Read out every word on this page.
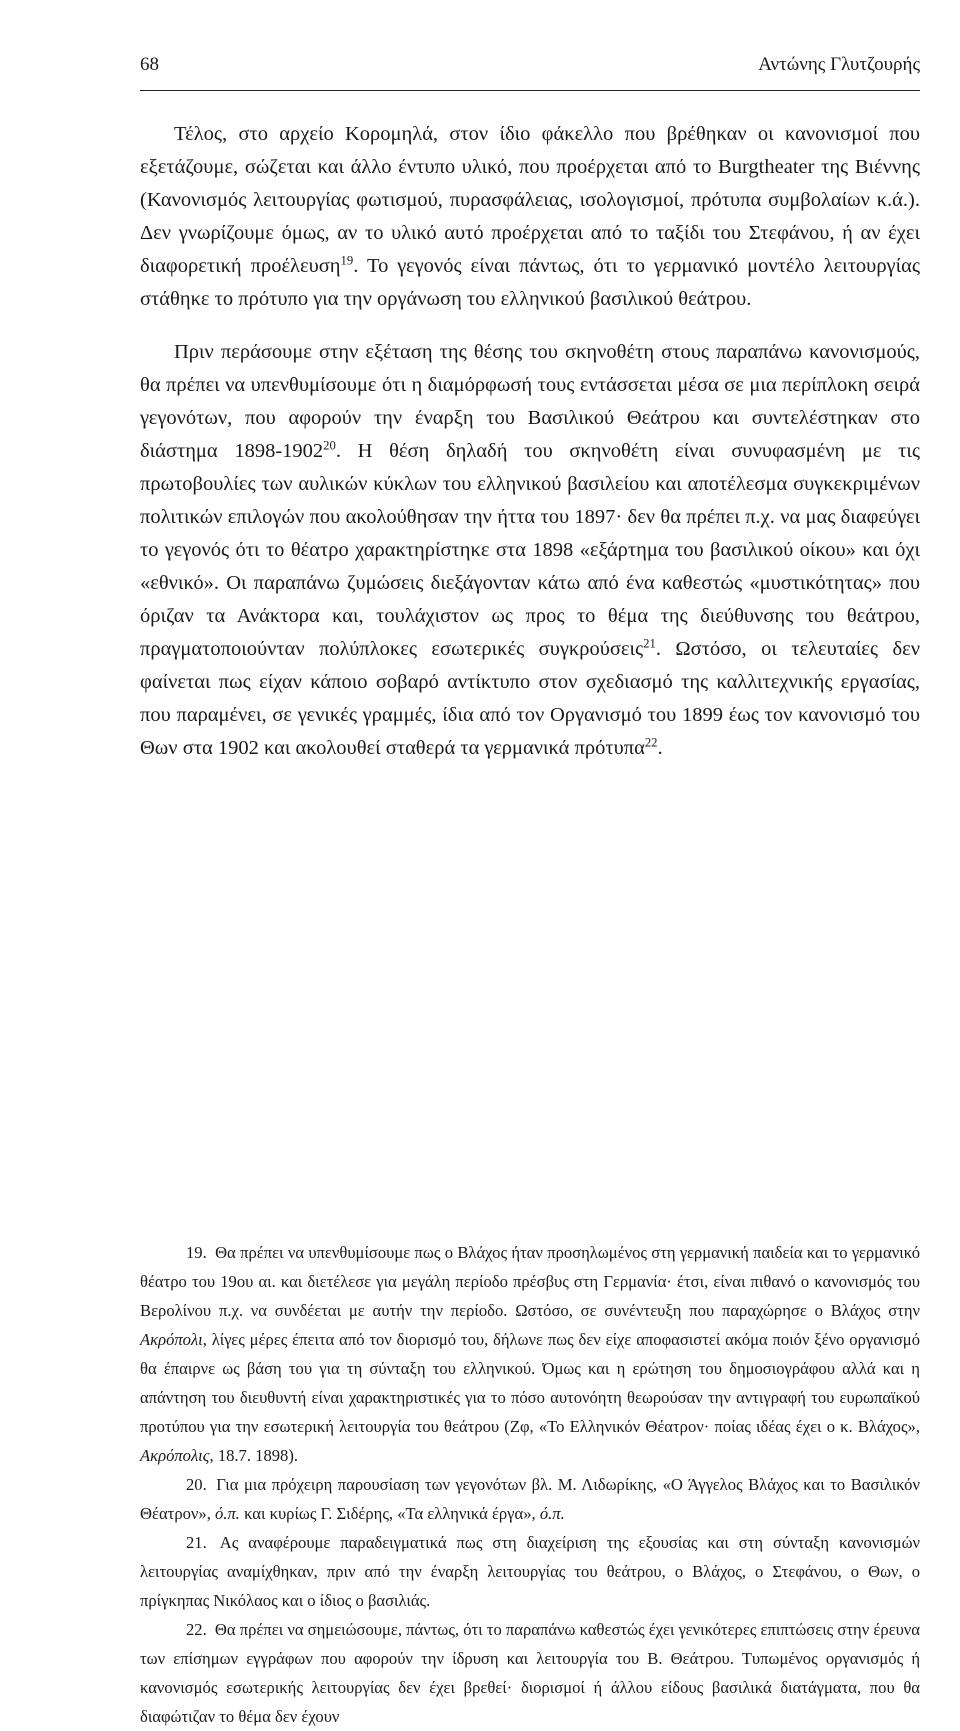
68	Αντώνης Γλυτζουρής

Τέλος, στο αρχείο Κορομηλά, στον ίδιο φάκελλο που βρέθηκαν οι κανονισμοί που εξετάζουμε, σώζεται και άλλο έντυπο υλικό, που προέρχεται από το Burgtheater της Βιέννης (Κανονισμός λειτουργίας φωτισμού, πυρασφάλειας, ισολογισμοί, πρότυπα συμβολαίων κ.ά.). Δεν γνωρίζουμε όμως, αν το υλικό αυτό προέρχεται από το ταξίδι του Στεφάνου, ή αν έχει διαφορετική προέλευση$^{19}$. Το γεγονός είναι πάντως, ότι το γερμανικό μοντέλο λειτουργίας στάθηκε το πρότυπο για την οργάνωση του ελληνικού βασιλικού θεάτρου.

Πριν περάσουμε στην εξέταση της θέσης του σκηνοθέτη στους παραπάνω κανονισμούς, θα πρέπει να υπενθυμίσουμε ότι η διαμόρφωσή τους εντάσσεται μέσα σε μια περίπλοκη σειρά γεγονότων, που αφορούν την έναρξη του Βασιλικού Θεάτρου και συντελέστηκαν στο διάστημα 1898-1902$^{20}$. Η θέση δηλαδή του σκηνοθέτη είναι συνυφασμένη με τις πρωτοβουλίες των αυλικών κύκλων του ελληνικού βασιλείου και αποτέλεσμα συγκεκριμένων πολιτικών επιλογών που ακολούθησαν την ήττα του 1897· δεν θα πρέπει π.χ. να μας διαφεύγει το γεγονός ότι το θέατρο χαρακτηρίστηκε στα 1898 «εξάρτημα του βασιλικού οίκου» και όχι «εθνικό». Οι παραπάνω ζυμώσεις διεξάγονταν κάτω από ένα καθεστώς «μυστικότητας» που όριζαν τα Ανάκτορα και, τουλάχιστον ως προς το θέμα της διεύθυνσης του θεάτρου, πραγματοποιούνταν πολύπλοκες εσωτερικές συγκρούσεις$^{21}$. Ωστόσο, οι τελευταίες δεν φαίνεται πως είχαν κάποιο σοβαρό αντίκτυπο στον σχεδιασμό της καλλιτεχνικής εργασίας, που παραμένει, σε γενικές γραμμές, ίδια από τον Οργανισμό του 1899 έως τον κανονισμό του Θων στα 1902 και ακολουθεί σταθερά τα γερμανικά πρότυπα$^{22}$.

19. Θα πρέπει να υπενθυμίσουμε πως ο Βλάχος ήταν προσηλωμένος στη γερμανική παιδεία και το γερμανικό θέατρο του 19ου αι. και διετέλεσε για μεγάλη περίοδο πρέσβυς στη Γερμανία· έτσι, είναι πιθανό ο κανονισμός του Βερολίνου π.χ. να συνδέεται με αυτήν την περίοδο. Ωστόσο, σε συνέντευξη που παραχώρησε ο Βλάχος στην Ακρόπολι, λίγες μέρες έπειτα από τον διορισμό του, δήλωνε πως δεν είχε αποφασιστεί ακόμα ποιόν ξένο οργανισμό θα έπαιρνε ως βάση του για τη σύνταξη του ελληνικού. Όμως και η ερώτηση του δημοσιογράφου αλλά και η απάντηση του διευθυντή είναι χαρακτηριστικές για το πόσο αυτονόητη θεωρούσαν την αντιγραφή του ευρωπαϊκού προτύπου για την εσωτερική λειτουργία του θεάτρου (Ζφ, «Το Ελληνικόν Θέατρον· ποίας ιδέας έχει ο κ. Βλάχος», Ακρόπολις, 18.7. 1898).

20. Για μια πρόχειρη παρουσίαση των γεγονότων βλ. Μ. Λιδωρίκης, «Ο Άγγελος Βλάχος και το Βασιλικόν Θέατρον», ό.π. και κυρίως Γ. Σιδέρης, «Τα ελληνικά έργα», ό.π.

21. Ας αναφέρουμε παραδειγματικά πως στη διαχείριση της εξουσίας και στη σύνταξη κανονισμών λειτουργίας αναμίχθηκαν, πριν από την έναρξη λειτουργίας του θεάτρου, ο Βλάχος, ο Στεφάνου, ο Θων, ο πρίγκηπας Νικόλαος και ο ίδιος ο βασιλιάς.

22. Θα πρέπει να σημειώσουμε, πάντως, ότι το παραπάνω καθεστώς έχει γενικότερες επιπτώσεις στην έρευνα των επίσημων εγγράφων που αφορούν την ίδρυση και λειτουργία του Β. Θεάτρου. Τυπωμένος οργανισμός ή κανονισμός εσωτερικής λειτουργίας δεν έχει βρεθεί· διορισμοί ή άλλου είδους βασιλικά διατάγματα, που θα διαφώτιζαν το θέμα δεν έχουν
